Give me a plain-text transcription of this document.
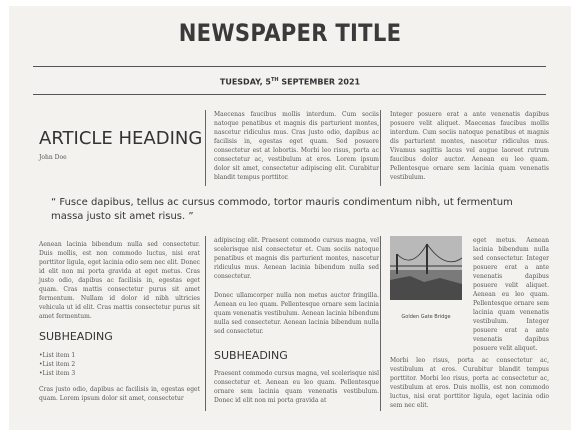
NEWSPAPER TITLE
TUESDAY, 5TH SEPTEMBER 2021
ARTICLE HEADING
John Doe
Maecenas faucibus mollis interdum. Cum sociis natoque penatibus et magnis dis parturient montes, nascetur ridiculus mus. Cras justo odio, dapibus ac facilisis in, egestas eget quam. Sed posuere consectetur est at lobortis. Morbi leo risus, porta ac consectetur ac, vestibulum at eros. Lorem ipsum dolor sit amet, consectetur adipiscing elit. Curabitur blandit tempus porttitor.
Integer posuere erat a ante venenatis dapibus posuere velit aliquet. Maecenas faucibus mollis interdum. Cum sociis natoque penatibus et magnis dis parturient montes, nascetur ridiculus mus. Vivamus sagittis lacus vel augue laoreet rutrum faucibus dolor auctor. Aenean eu leo quam. Pellentesque ornare sem lacinia quam venenatis vestibulum.
“ Fusce dapibus, tellus ac cursus commodo, tortor mauris condimentum nibh, ut fermentum massa justo sit amet risus. ”
Aenean lacinia bibendum nulla sed consectetur. Duis mollis, est non commodo luctus, nisi erat porttitor ligula, eget lacinia odio sem nec elit. Donec id elit non mi porta gravida at eget metus. Cras justo odio, dapibus ac facilisis in, egestas eget quam. Cras mattis consectetur purus sit amet fermentum. Nullam id dolor id nibh ultricies vehicula ut id elit. Cras mattis consectetur purus sit amet fermentum.
SUBHEADING
• List item 1
• List item 2
• List item 3
Cras justo odio, dapibus ac facilisis in, egestas eget quam. Lorem ipsum dolor sit amet, consectetur
adipiscing elit. Praesent commodo cursus magna, vel scelerisque nisl consectetur et. Cum sociis natoque penatibus et magnis dis parturient montes, nascetur ridiculus mus. Aenean lacinia bibendum nulla sed consectetur.
Donec ullamcorper nulla non metus auctor fringilla. Aenean eu leo quam. Pellentesque ornare sem lacinia quam venenatis vestibulum. Aenean lacinia bibendum nulla sed consectetur. Aenean lacinia bibendum nulla sed consectetur.
SUBHEADING
Praesent commodo cursus magna, vel scelerisque nisl consectetur et. Aenean eu leo quam. Pellentesque ornare sem lacinia quam venenatis vestibulum. Donec id elit non mi porta gravida at
Golden Gate Bridge
eget metus. Aenean lacinia bibendum nulla sed consectetur. Integer posuere erat a ante venenatis dapibus posuere velit aliquet. Aenean eu leo quam. Pellentesque ornare sem lacinia quam venenatis vestibulum. Integer posuere erat a ante venenatis dapibus posuere velit aliquet.
Morbi leo risus, porta ac consectetur ac, vestibulum at eros. Curabitur blandit tempus porttitor. Morbi leo risus, porta ac consectetur ac, vestibulum at eros. Duis mollis, est non commodo luctus, nisi erat porttitor ligula, eget lacinia odio sem nec elit.
